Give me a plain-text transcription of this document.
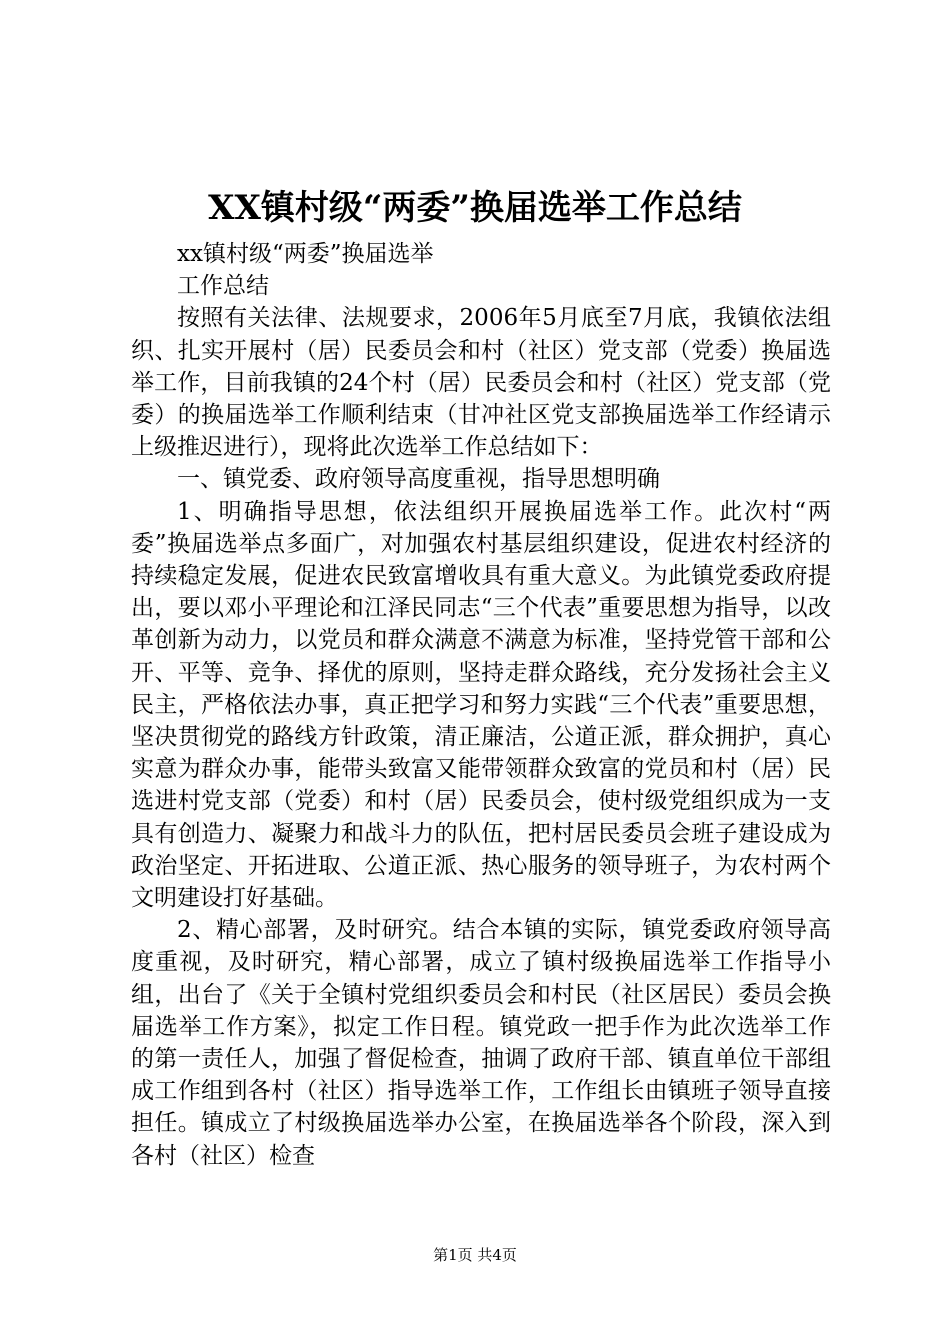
XX镇村级“两委”换届选举工作总结

xx镇村级“两委”换届选举

工作总结

按照有关法律、法规要求，2006年5月底至7月底，我镇依法组织、扎实开展村（居）民委员会和村（社区）党支部（党委）换届选举工作，目前我镇的24个村（居）民委员会和村（社区）党支部（党委）的换届选举工作顺利结束（甘冲社区党支部换届选举工作经请示上级推迟进行），现将此次选举工作总结如下：

一、镇党委、政府领导高度重视，指导思想明确

1、明确指导思想，依法组织开展换届选举工作。此次村“两委”换届选举点多面广，对加强农村基层组织建设，促进农村经济的持续稳定发展，促进农民致富增收具有重大意义。为此镇党委政府提出，要以邓小平理论和江泽民同志“三个代表”重要思想为指导，以改革创新为动力，以党员和群众满意不满意为标准，坚持党管干部和公开、平等、竞争、择优的原则，坚持走群众路线，充分发扬社会主义民主，严格依法办事，真正把学习和努力实践“三个代表”重要思想，坚决贯彻党的路线方针政策，清正廉洁，公道正派，群众拥护，真心实意为群众办事，能带头致富又能带领群众致富的党员和村（居）民选进村党支部（党委）和村（居）民委员会，使村级党组织成为一支具有创造力、凝聚力和战斗力的队伍，把村居民委员会班子建设成为政治坚定、开拓进取、公道正派、热心服务的领导班子，为农村两个文明建设打好基础。

2、精心部署，及时研究。结合本镇的实际，镇党委政府领导高度重视，及时研究，精心部署，成立了镇村级换届选举工作指导小组，出台了《关于全镇村党组织委员会和村民（社区居民）委员会换届选举工作方案》，拟定工作日程。镇党政一把手作为此次选举工作的第一责任人，加强了督促检查，抽调了政府干部、镇直单位干部组成工作组到各村（社区）指导选举工作，工作组长由镇班子领导直接担任。镇成立了村级换届选举办公室，在换届选举各个阶段，深入到各村（社区）检查

第1页 共4页
